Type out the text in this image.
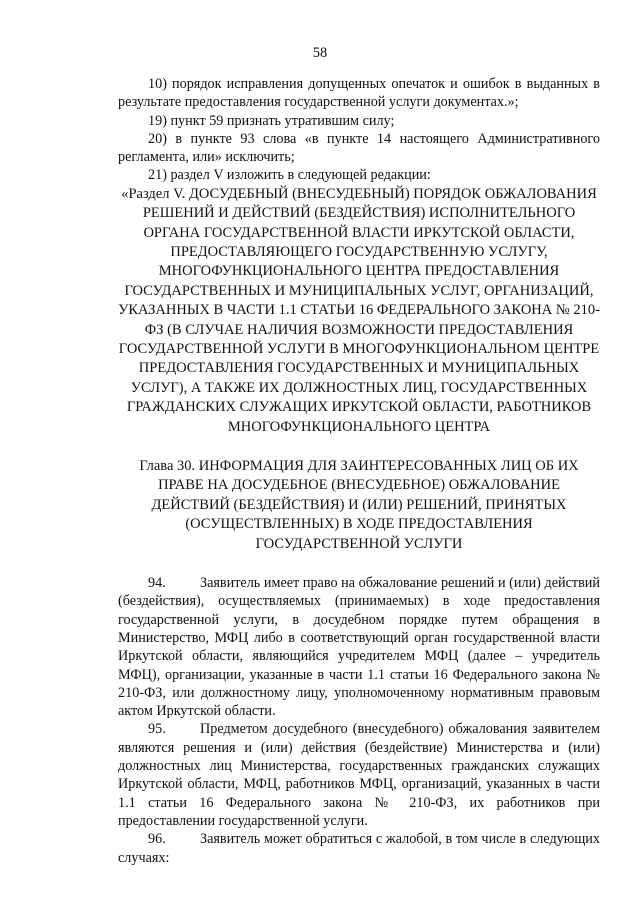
58

10) порядок исправления допущенных опечаток и ошибок в выданных в результате предоставления государственной услуги документах.»;

19) пункт 59 признать утратившим силу;

20) в пункте 93 слова «в пункте 14 настоящего Административного регламента, или» исключить;

21) раздел V изложить в следующей редакции:

«Раздел V. ДОСУДЕБНЫЙ (ВНЕСУДЕБНЫЙ) ПОРЯДОК ОБЖАЛОВАНИЯ РЕШЕНИЙ И ДЕЙСТВИЙ (БЕЗДЕЙСТВИЯ) ИСПОЛНИТЕЛЬНОГО ОРГАНА ГОСУДАРСТВЕННОЙ ВЛАСТИ ИРКУТСКОЙ ОБЛАСТИ, ПРЕДОСТАВЛЯЮЩЕГО ГОСУДАРСТВЕННУЮ УСЛУГУ, МНОГОФУНКЦИОНАЛЬНОГО ЦЕНТРА ПРЕДОСТАВЛЕНИЯ ГОСУДАРСТВЕННЫХ И МУНИЦИПАЛЬНЫХ УСЛУГ, ОРГАНИЗАЦИЙ, УКАЗАННЫХ В ЧАСТИ 1.1 СТАТЬИ 16 ФЕДЕРАЛЬНОГО ЗАКОНА № 210-ФЗ (В СЛУЧАЕ НАЛИЧИЯ ВОЗМОЖНОСТИ ПРЕДОСТАВЛЕНИЯ ГОСУДАРСТВЕННОЙ УСЛУГИ В МНОГОФУНКЦИОНАЛЬНОМ ЦЕНТРЕ ПРЕДОСТАВЛЕНИЯ ГОСУДАРСТВЕННЫХ И МУНИЦИПАЛЬНЫХ УСЛУГ), А ТАКЖЕ ИХ ДОЛЖНОСТНЫХ ЛИЦ, ГОСУДАРСТВЕННЫХ ГРАЖДАНСКИХ СЛУЖАЩИХ ИРКУТСКОЙ ОБЛАСТИ, РАБОТНИКОВ МНОГОФУНКЦИОНАЛЬНОГО ЦЕНТРА

Глава 30. ИНФОРМАЦИЯ ДЛЯ ЗАИНТЕРЕСОВАННЫХ ЛИЦ ОБ ИХ ПРАВЕ НА ДОСУДЕБНОЕ (ВНЕСУДЕБНОЕ) ОБЖАЛОВАНИЕ ДЕЙСТВИЙ (БЕЗДЕЙСТВИЯ) И (ИЛИ) РЕШЕНИЙ, ПРИНЯТЫХ (ОСУЩЕСТВЛЕННЫХ) В ХОДЕ ПРЕДОСТАВЛЕНИЯ ГОСУДАРСТВЕННОЙ УСЛУГИ

94. Заявитель имеет право на обжалование решений и (или) действий (бездействия), осуществляемых (принимаемых) в ходе предоставления государственной услуги, в досудебном порядке путем обращения в Министерство, МФЦ либо в соответствующий орган государственной власти Иркутской области, являющийся учредителем МФЦ (далее – учредитель МФЦ), организации, указанные в части 1.1 статьи 16 Федерального закона № 210-ФЗ, или должностному лицу, уполномоченному нормативным правовым актом Иркутской области.

95. Предметом досудебного (внесудебного) обжалования заявителем являются решения и (или) действия (бездействие) Министерства и (или) должностных лиц Министерства, государственных гражданских служащих Иркутской области, МФЦ, работников МФЦ, организаций, указанных в части 1.1 статьи 16 Федерального закона № 210-ФЗ, их работников при предоставлении государственной услуги.

96. Заявитель может обратиться с жалобой, в том числе в следующих случаях:
